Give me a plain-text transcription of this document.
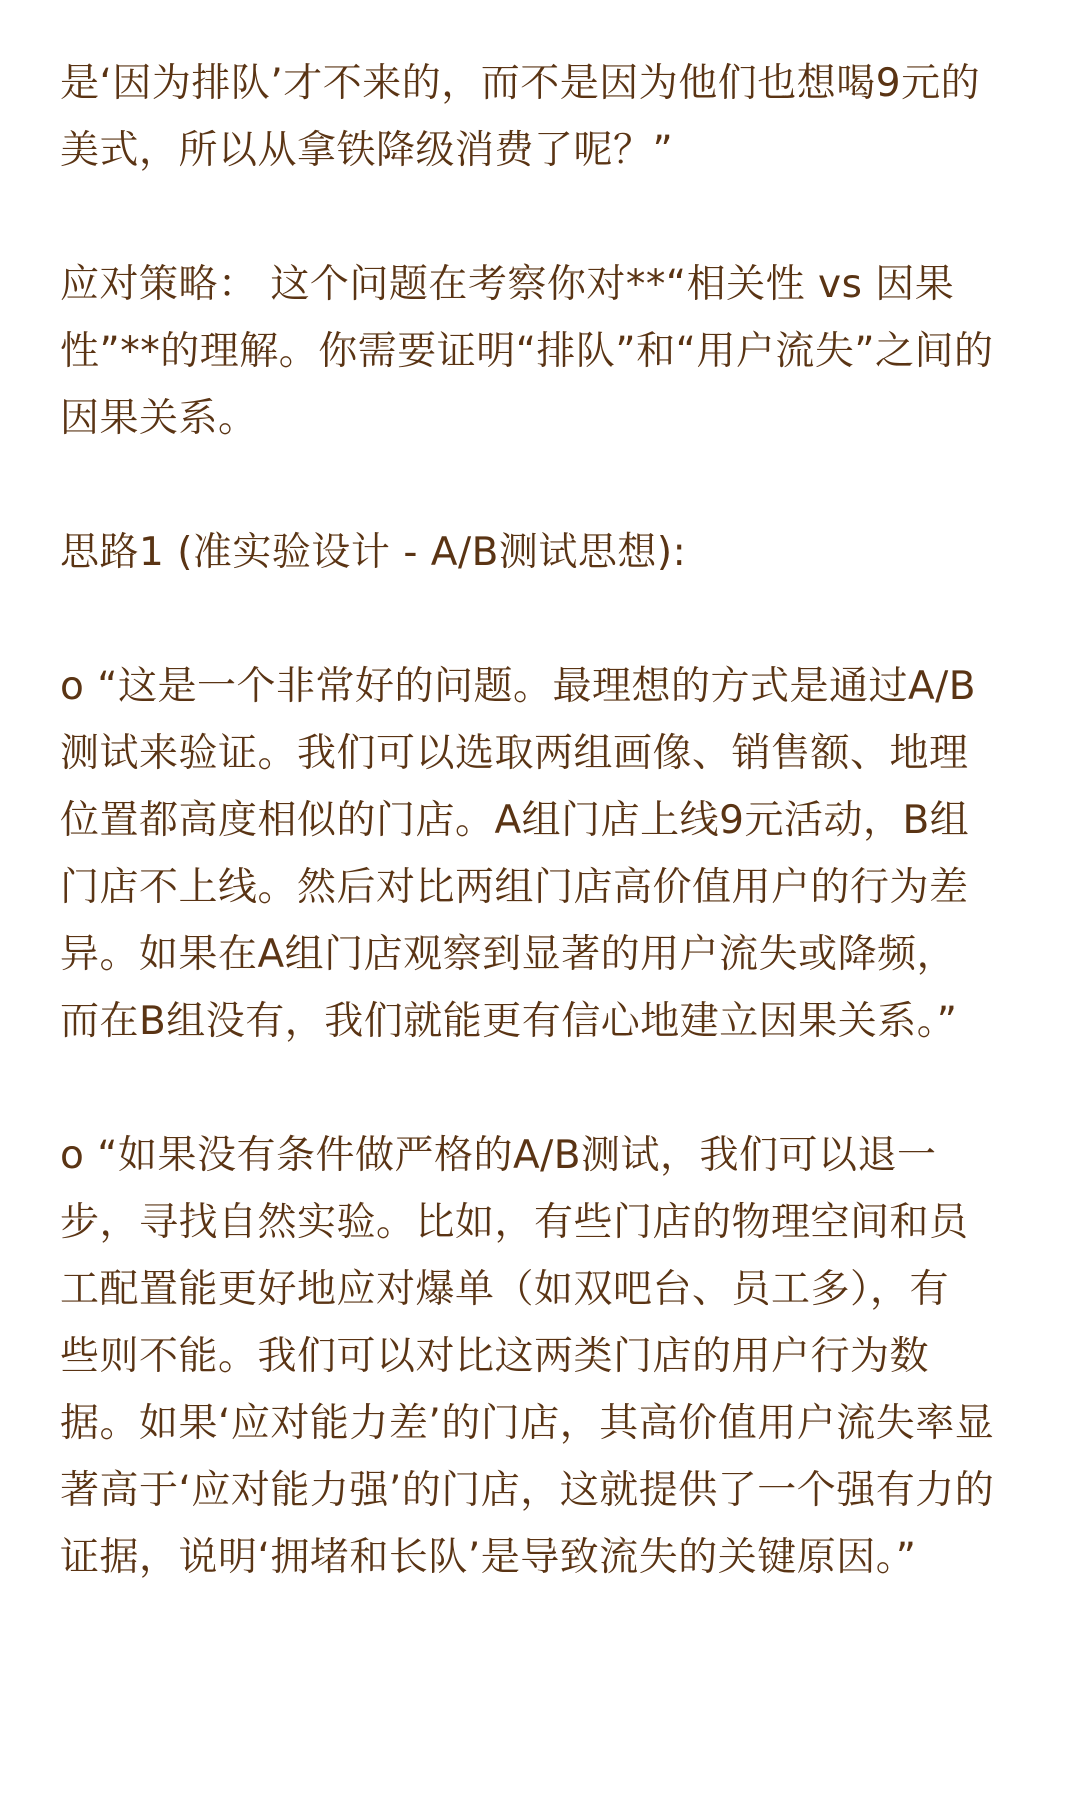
是‘因为排队’才不来的，而不是因为他们也想喝9元的
美式，所以从拿铁降级消费了呢？”
应对策略： 这个问题在考察你对**“相关性 vs 因果
性”**的理解。你需要证明“排队”和“用户流失”之间的
因果关系。
思路1 (准实验设计 - A/B测试思想):
o “这是一个非常好的问题。最理想的方式是通过A/B
测试来验证。我们可以选取两组画像、销售额、地理
位置都高度相似的门店。A组门店上线9元活动，B组
门店不上线。然后对比两组门店高价值用户的行为差
异。如果在A组门店观察到显著的用户流失或降频，
而在B组没有，我们就能更有信心地建立因果关系。”
o “如果没有条件做严格的A/B测试，我们可以退一
步，寻找自然实验。比如，有些门店的物理空间和员
工配置能更好地应对爆单（如双吧台、员工多），有
些则不能。我们可以对比这两类门店的用户行为数
据。如果‘应对能力差’的门店，其高价值用户流失率显
著高于‘应对能力强’的门店，这就提供了一个强有力的
证据，说明‘拥堵和长队’是导致流失的关键原因。”
